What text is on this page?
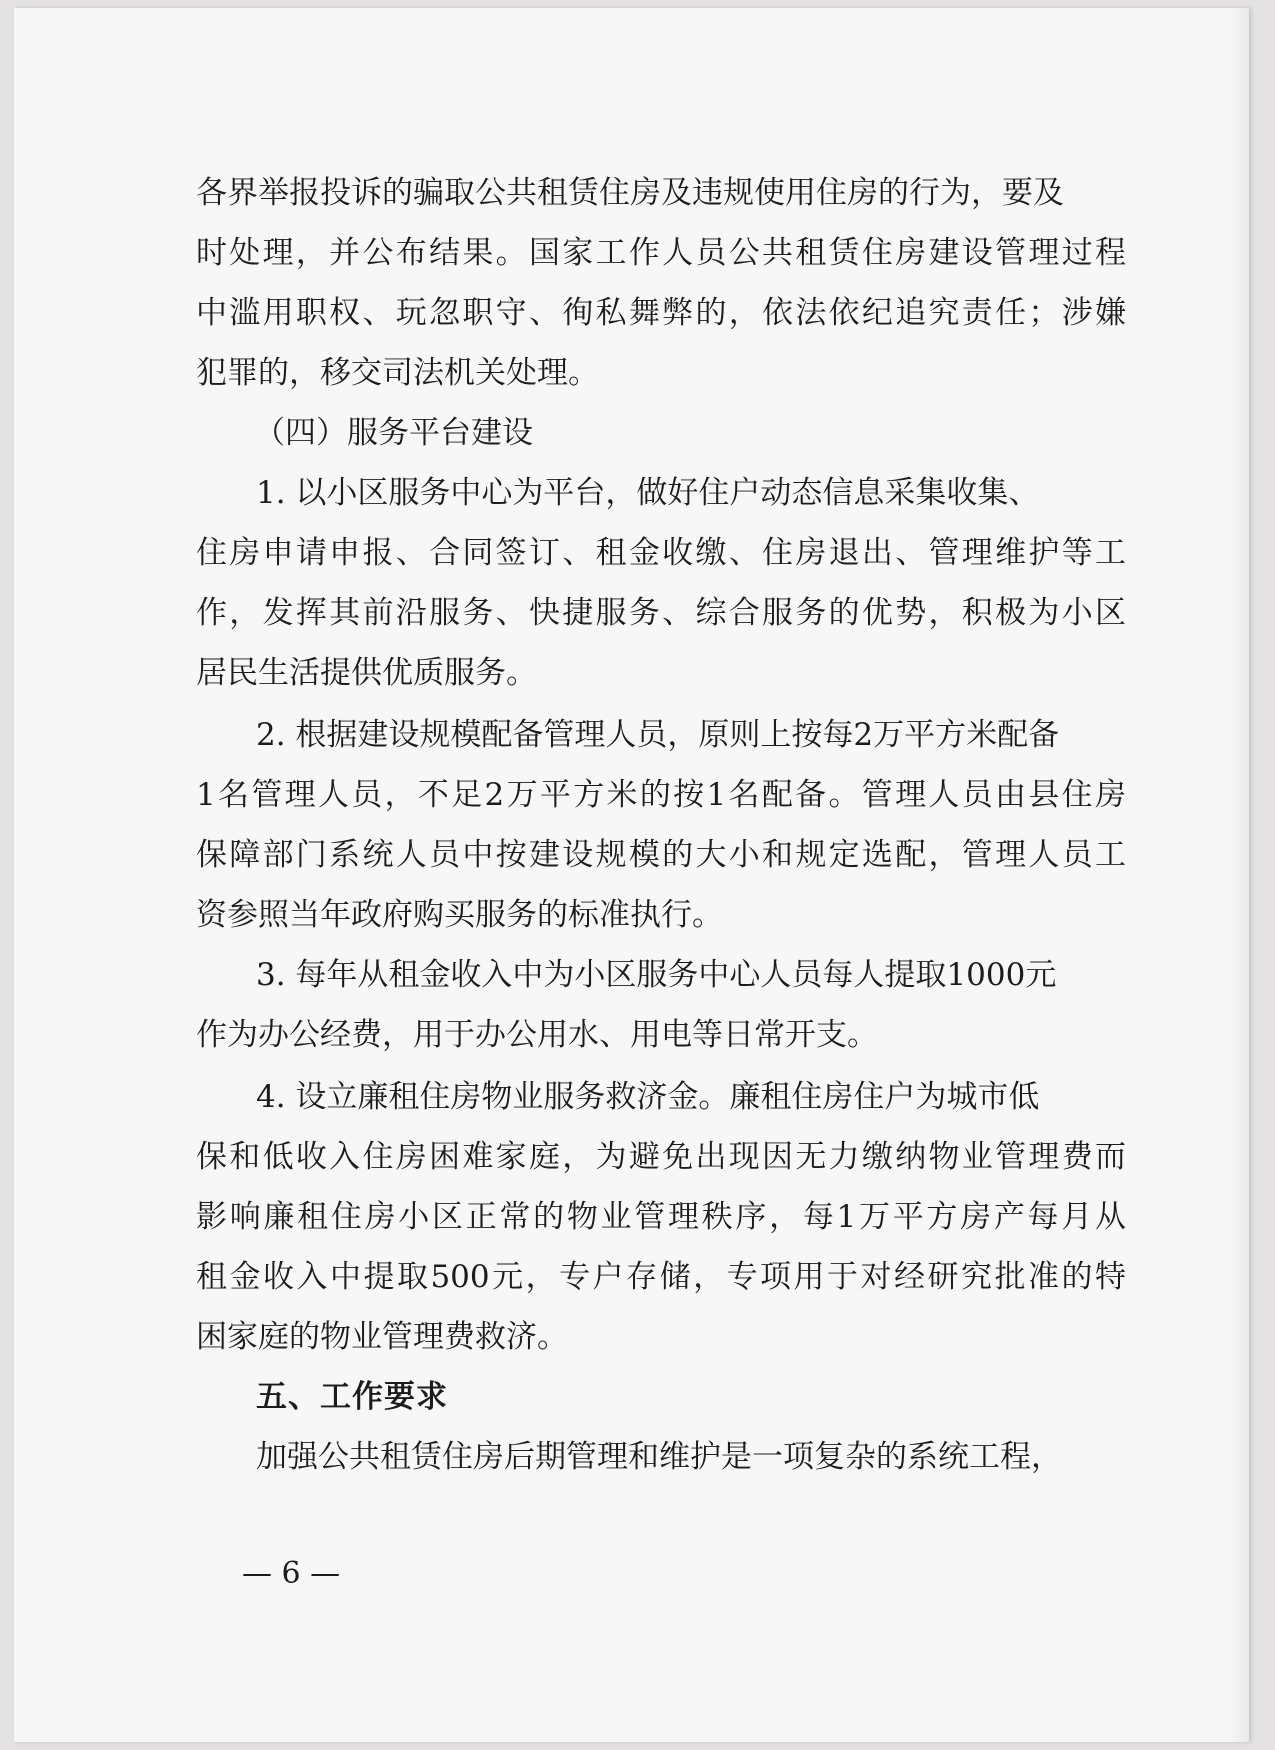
各界举报投诉的骗取公共租赁住房及违规使用住房的行为，要及
时处理，并公布结果。国家工作人员公共租赁住房建设管理过程
中滥用职权、玩忽职守、徇私舞弊的，依法依纪追究责任；涉嫌
犯罪的，移交司法机关处理。
（四）服务平台建设
1. 以小区服务中心为平台，做好住户动态信息采集收集、
住房申请申报、合同签订、租金收缴、住房退出、管理维护等工
作，发挥其前沿服务、快捷服务、综合服务的优势，积极为小区
居民生活提供优质服务。
2. 根据建设规模配备管理人员，原则上按每2万平方米配备
1名管理人员，不足2万平方米的按1名配备。管理人员由县住房
保障部门系统人员中按建设规模的大小和规定选配，管理人员工
资参照当年政府购买服务的标准执行。
3. 每年从租金收入中为小区服务中心人员每人提取1000元
作为办公经费，用于办公用水、用电等日常开支。
4. 设立廉租住房物业服务救济金。廉租住房住户为城市低
保和低收入住房困难家庭，为避免出现因无力缴纳物业管理费而
影响廉租住房小区正常的物业管理秩序，每1万平方房产每月从
租金收入中提取500元，专户存储，专项用于对经研究批准的特
困家庭的物业管理费救济。
五、工作要求
加强公共租赁住房后期管理和维护是一项复杂的系统工程，
— 6 —
